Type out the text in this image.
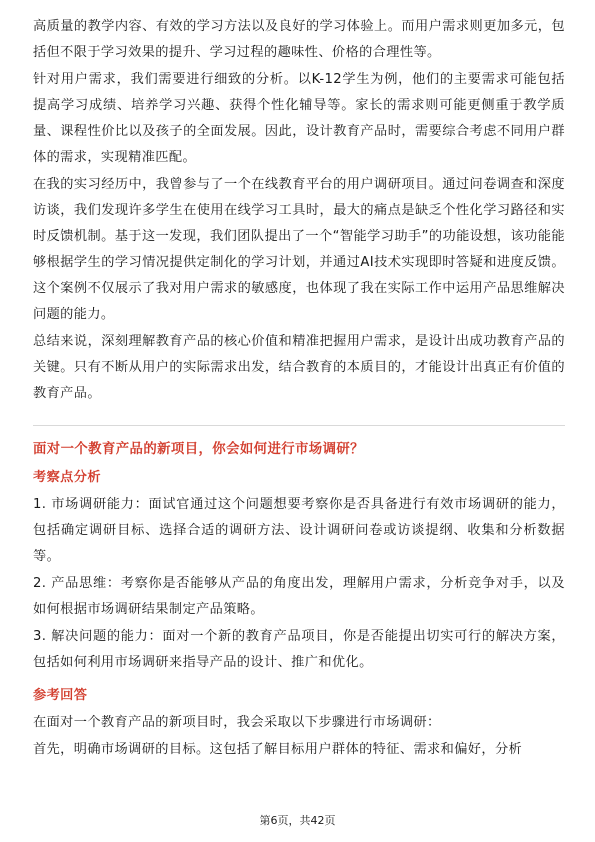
高质量的教学内容、有效的学习方法以及良好的学习体验上。而用户需求则更加多元，包括但不限于学习效果的提升、学习过程的趣味性、价格的合理性等。

针对用户需求，我们需要进行细致的分析。以K-12学生为例，他们的主要需求可能包括提高学习成绩、培养学习兴趣、获得个性化辅导等。家长的需求则可能更侧重于教学质量、课程性价比以及孩子的全面发展。因此，设计教育产品时，需要综合考虑不同用户群体的需求，实现精准匹配。

在我的实习经历中，我曾参与了一个在线教育平台的用户调研项目。通过问卷调查和深度访谈，我们发现许多学生在使用在线学习工具时，最大的痛点是缺乏个性化学习路径和实时反馈机制。基于这一发现，我们团队提出了一个“智能学习助手”的功能设想，该功能能够根据学生的学习情况提供定制化的学习计划，并通过AI技术实现即时答疑和进度反馈。这个案例不仅展示了我对用户需求的敏感度，也体现了我在实际工作中运用产品思维解决问题的能力。

总结来说，深刻理解教育产品的核心价值和精准把握用户需求，是设计出成功教育产品的关键。只有不断从用户的实际需求出发，结合教育的本质目的，才能设计出真正有价值的教育产品。

面对一个教育产品的新项目，你会如何进行市场调研？

考察点分析

1. 市场调研能力：面试官通过这个问题想要考察你是否具备进行有效市场调研的能力，包括确定调研目标、选择合适的调研方法、设计调研问卷或访谈提纲、收集和分析数据等。

2. 产品思维：考察你是否能够从产品的角度出发，理解用户需求，分析竞争对手，以及如何根据市场调研结果制定产品策略。

3. 解决问题的能力：面对一个新的教育产品项目，你是否能提出切实可行的解决方案，包括如何利用市场调研来指导产品的设计、推广和优化。

参考回答

在面对一个教育产品的新项目时，我会采取以下步骤进行市场调研：

首先，明确市场调研的目标。这包括了解目标用户群体的特征、需求和偏好，分析

第6页，共42页
